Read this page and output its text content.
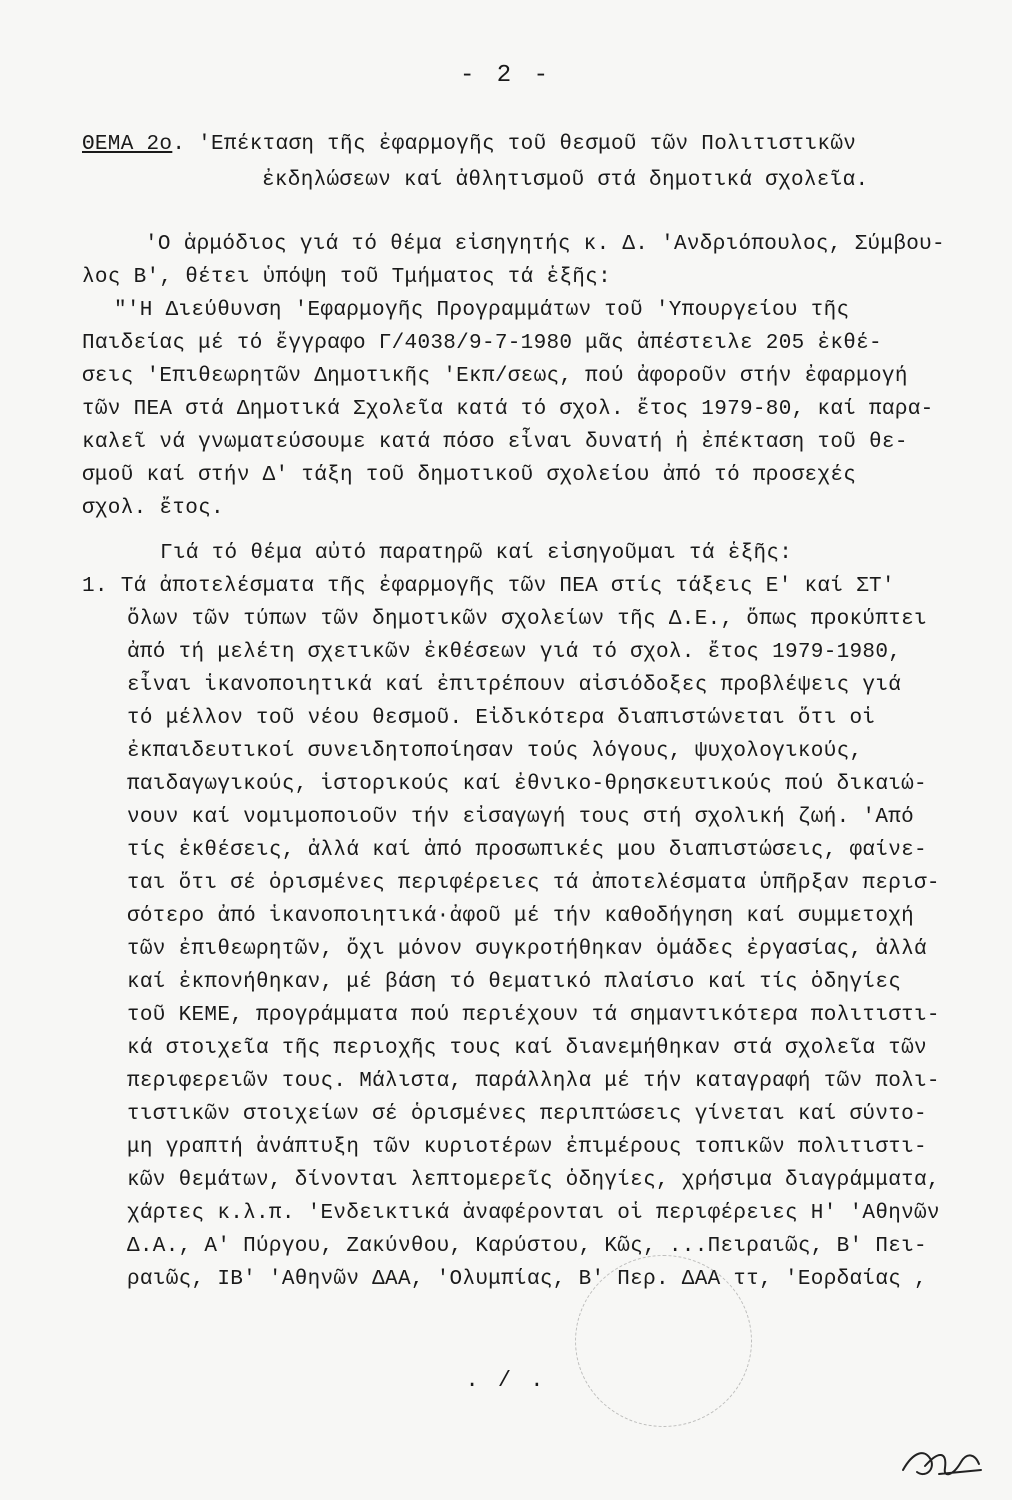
- 2 -
ΘΕΜΑ 2ο. 'Επέκταση τῆς ἐφαρμογῆς τοῦ θεσμοῦ τῶν Πολιτιστικῶν
ἐκδηλώσεων καί ἀθλητισμοῦ στά δημοτικά σχολεῖα.
'Ο ἁρμόδιος γιά τό θέμα εἰσηγητής κ. Δ. 'Ανδριόπουλος, Σύμβου-
λος Β', θέτει ὑπόψη τοῦ Τμήματος τά ἑξῆς:
"'Η Διεύθυνση 'Εφαρμογῆς Προγραμμάτων τοῦ 'Υπουργείου τῆς
Παιδείας μέ τό ἔγγραφο Γ/4038/9-7-1980 μᾶς ἀπέστειλε 205 ἐκθέ-
σεις 'Επιθεωρητῶν Δημοτικῆς 'Εκπ/σεως, πού ἀφοροῦν στήν ἐφαρμογή
τῶν ΠΕΑ στά Δημοτικά Σχολεῖα κατά τό σχολ. ἔτος 1979-80, καί παρα-
καλεῖ νά γνωματεύσουμε κατά πόσο εἶναι δυνατή ἡ ἐπέκταση τοῦ θε-
σμοῦ καί στήν Δ' τάξη τοῦ δημοτικοῦ σχολείου ἀπό τό προσεχές
σχολ. ἔτος.
Γιά τό θέμα αὐτό παρατηρῶ καί εἰσηγοῦμαι τά ἑξῆς:
1. Τά ἀποτελέσματα τῆς ἐφαρμογῆς τῶν ΠΕΑ στίς τάξεις Ε' καί ΣΤ'
ὅλων τῶν τύπων τῶν δημοτικῶν σχολείων τῆς Δ.Ε., ὅπως προκύπτει
ἀπό τή μελέτη σχετικῶν ἐκθέσεων γιά τό σχολ. ἔτος 1979-1980,
εἶναι ἱκανοποιητικά καί ἐπιτρέπουν αἰσιόδοξες προβλέψεις γιά
τό μέλλον τοῦ νέου θεσμοῦ. Εἰδικότερα διαπιστώνεται ὅτι οἱ
ἐκπαιδευτικοί συνειδητοποίησαν τούς λόγους, ψυχολογικούς,
παιδαγωγικούς, ἱστορικούς καί ἐθνικο-θρησκευτικούς πού δικαιώ-
νουν καί νομιμοποιοῦν τήν εἰσαγωγή τους στή σχολική ζωή. 'Από
τίς ἐκθέσεις, ἀλλά καί ἀπό προσωπικές μου διαπιστώσεις, φαίνε-
ται ὅτι σέ ὁρισμένες περιφέρειες τά ἀποτελέσματα ὑπῆρξαν περισ-
σότερο ἀπό ἱκανοποιητικά·ἀφοῦ μέ τήν καθοδήγηση καί συμμετοχή
τῶν ἐπιθεωρητῶν, ὄχι μόνον συγκροτήθηκαν ὁμάδες ἐργασίας, ἀλλά
καί ἐκπονήθηκαν, μέ βάση τό θεματικό πλαίσιο καί τίς ὁδηγίες
τοῦ ΚΕΜΕ, προγράμματα πού περιέχουν τά σημαντικότερα πολιτιστι-
κά στοιχεῖα τῆς περιοχῆς τους καί διανεμήθηκαν στά σχολεῖα τῶν
περιφερειῶν τους. Μάλιστα, παράλληλα μέ τήν καταγραφή τῶν πολι-
τιστικῶν στοιχείων σέ ὁρισμένες περιπτώσεις γίνεται καί σύντο-
μη γραπτή ἀνάπτυξη τῶν κυριοτέρων ἐπιμέρους τοπικῶν πολιτιστι-
κῶν θεμάτων, δίνονται λεπτομερεῖς ὁδηγίες, χρήσιμα διαγράμματα,
χάρτες κ.λ.π. 'Ενδεικτικά ἀναφέρονται οἱ περιφέρειες Η' 'Αθηνῶν
Δ.Α., Α' Πύργου, Ζακύνθου, Καρύστου, Κῶς, ...Πειραιῶς, Β' Πει-
ραιῶς, ΙΒ' 'Αθηνῶν ΔΑΑ, 'Ολυμπίας, Β' Περ. ΔΑΑ ττ, 'Εορδαίας ,
. / .
